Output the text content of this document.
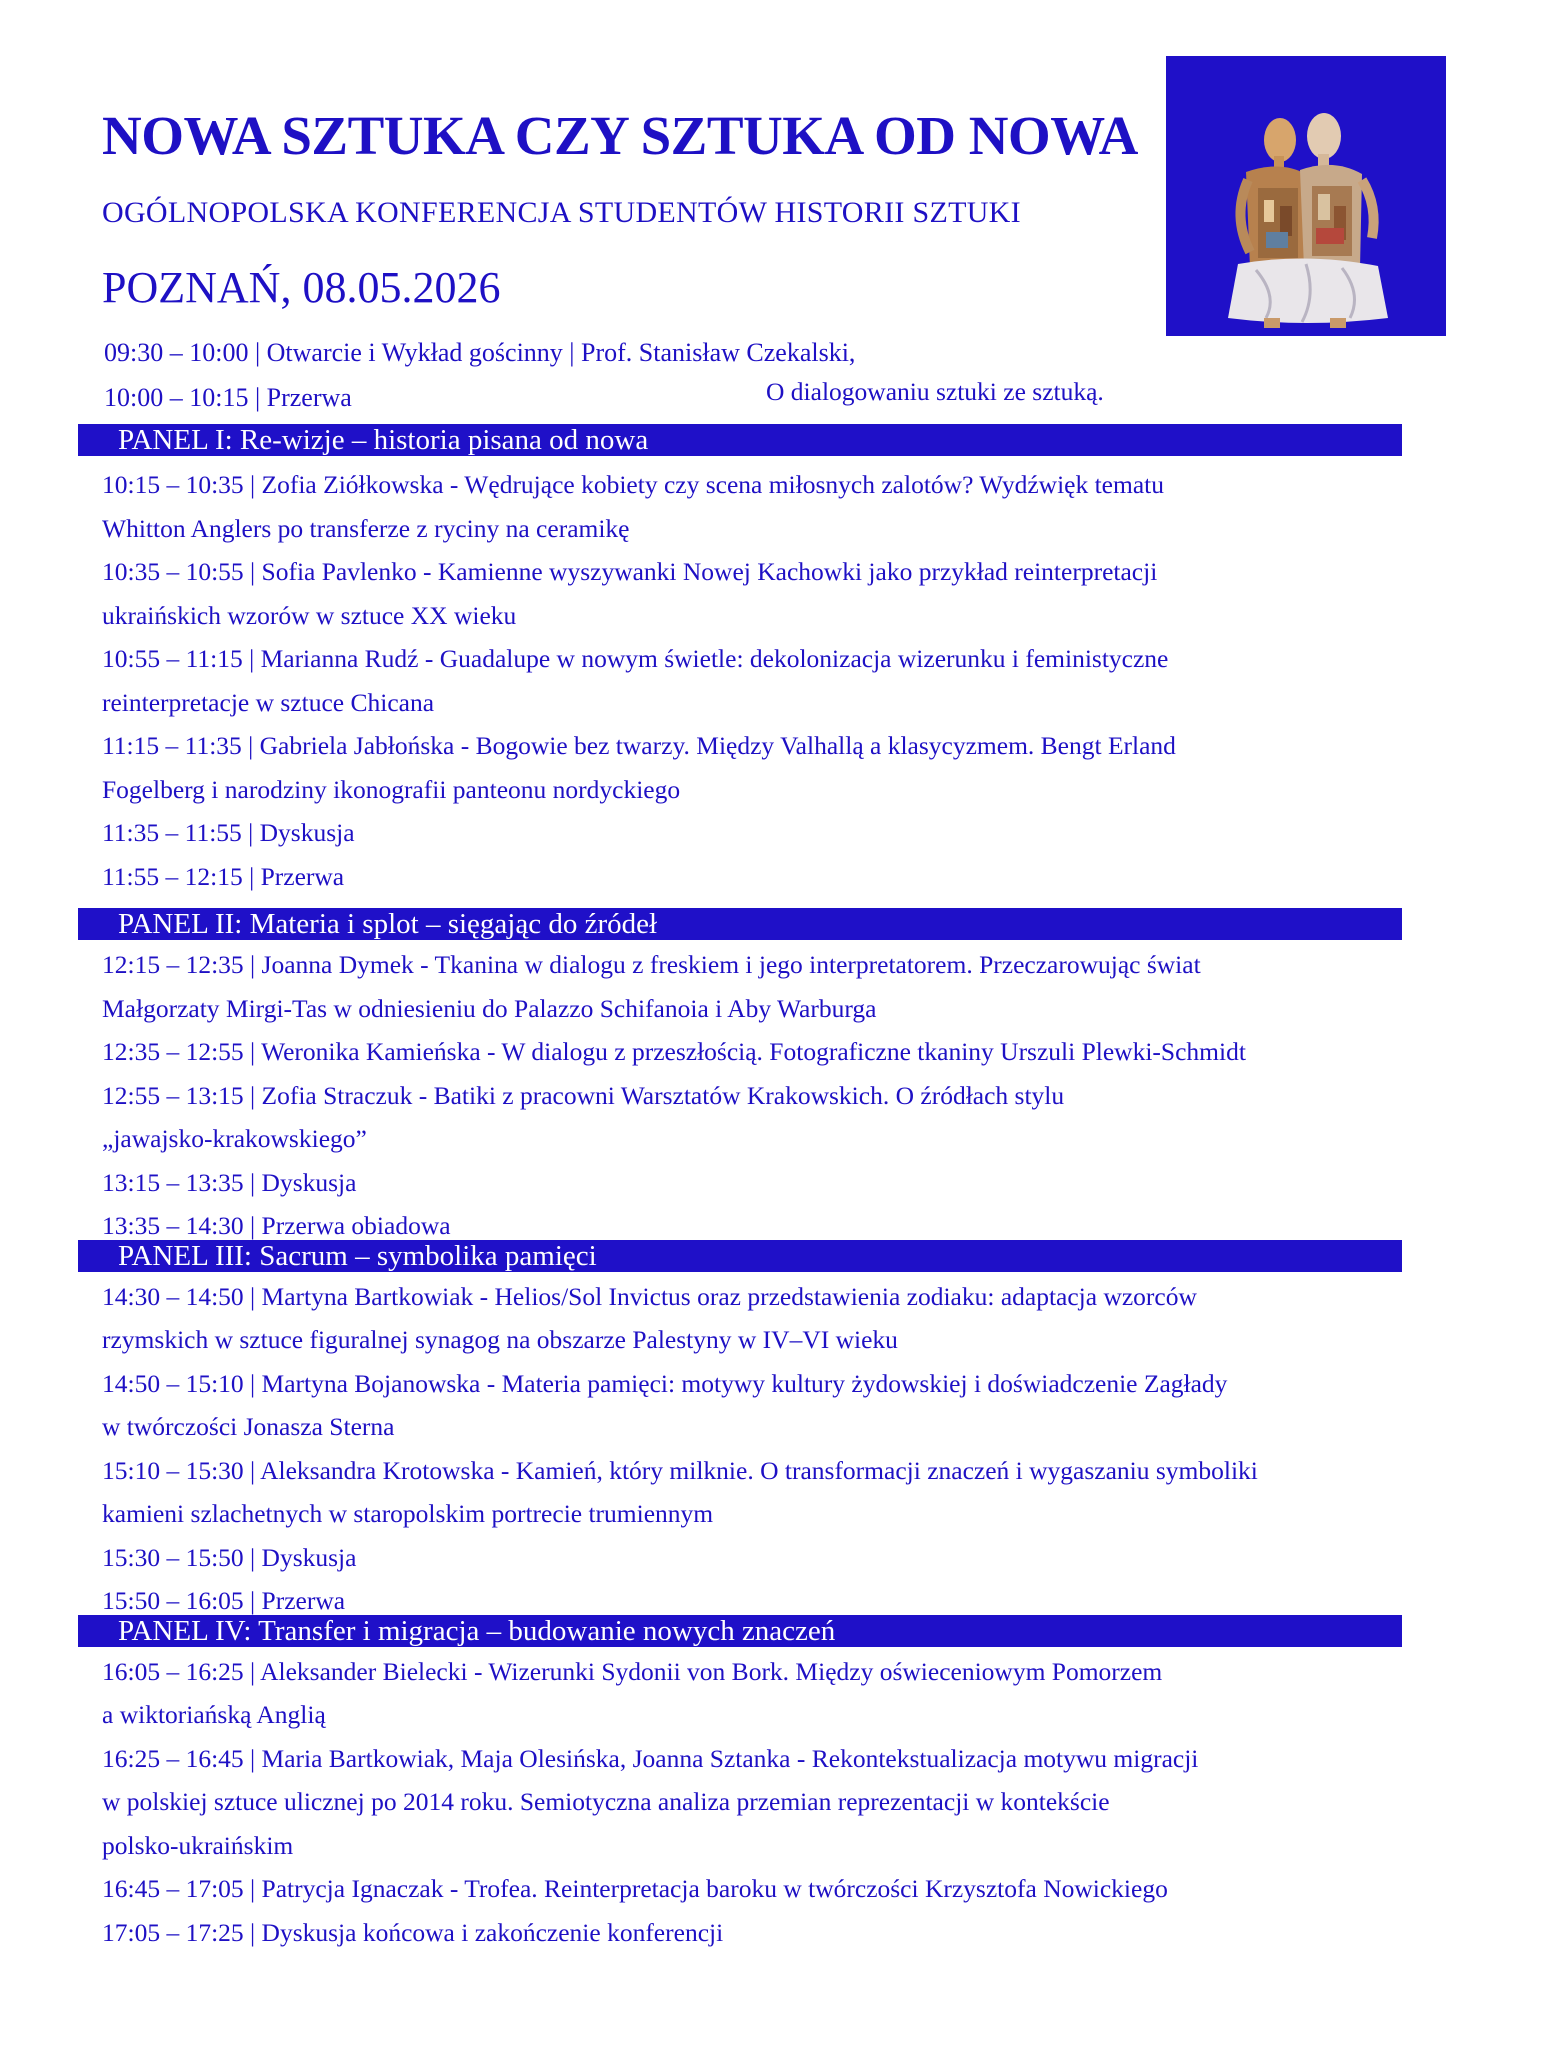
NOWA SZTUKA CZY SZTUKA OD NOWA

OGÓLNOPOLSKA KONFERENCJA STUDENTÓW HISTORII SZTUKI

POZNAŃ, 08.05.2026

09:30 – 10:00 | Otwarcie i Wykład gościnny | Prof. Stanisław Czekalski,
10:00 – 10:15 | Przerwa	O dialogowaniu sztuki ze sztuką.
PANEL I: Re-wizje – historia pisana od nowa
10:15 – 10:35 | Zofia Ziółkowska - Wędrujące kobiety czy scena miłosnych zalotów? Wydźwięk tematu
Whitton Anglers po transferze z ryciny na ceramikę
10:35 – 10:55 | Sofia Pavlenko - Kamienne wyszywanki Nowej Kachowki jako przykład reinterpretacji
ukraińskich wzorów w sztuce XX wieku
10:55 – 11:15 | Marianna Rudź - Guadalupe w nowym świetle: dekolonizacja wizerunku i feministyczne
reinterpretacje w sztuce Chicana
11:15 – 11:35 | Gabriela Jabłońska - Bogowie bez twarzy. Między Valhallą a klasycyzmem. Bengt Erland
Fogelberg i narodziny ikonografii panteonu nordyckiego
11:35 – 11:55 | Dyskusja
11:55 – 12:15 | Przerwa
PANEL II: Materia i splot – sięgając do źródeł
12:15 – 12:35 | Joanna Dymek - Tkanina w dialogu z freskiem i jego interpretatorem. Przeczarowując świat
Małgorzaty Mirgi-Tas w odniesieniu do Palazzo Schifanoia i Aby Warburga
12:35 – 12:55 | Weronika Kamieńska - W dialogu z przeszłością. Fotograficzne tkaniny Urszuli Plewki-Schmidt
12:55 – 13:15 | Zofia Straczuk - Batiki z pracowni Warsztatów Krakowskich. O źródłach stylu
„jawajsko-krakowskiego”
13:15 – 13:35 | Dyskusja
13:35 – 14:30 | Przerwa obiadowa
PANEL III: Sacrum – symbolika pamięci
14:30 – 14:50 | Martyna Bartkowiak - Helios/Sol Invictus oraz przedstawienia zodiaku: adaptacja wzorców
rzymskich w sztuce figuralnej synagog na obszarze Palestyny w IV–VI wieku
14:50 – 15:10 | Martyna Bojanowska - Materia pamięci: motywy kultury żydowskiej i doświadczenie Zagłady
w twórczości Jonasza Sterna
15:10 – 15:30 | Aleksandra Krotowska - Kamień, który milknie. O transformacji znaczeń i wygaszaniu symboliki
kamieni szlachetnych w staropolskim portrecie trumiennym
15:30 – 15:50 | Dyskusja
15:50 – 16:05 | Przerwa
PANEL IV: Transfer i migracja – budowanie nowych znaczeń
16:05 – 16:25 | Aleksander Bielecki - Wizerunki Sydonii von Bork. Między oświeceniowym Pomorzem
a wiktoriańską Anglią
16:25 – 16:45 | Maria Bartkowiak, Maja Olesińska, Joanna Sztanka - Rekontekstualizacja motywu migracji
w polskiej sztuce ulicznej po 2014 roku. Semiotyczna analiza przemian reprezentacji w kontekście
polsko-ukraińskim
16:45 – 17:05 | Patrycja Ignaczak - Trofea. Reinterpretacja baroku w twórczości Krzysztofa Nowickiego
17:05 – 17:25 | Dyskusja końcowa i zakończenie konferencji
